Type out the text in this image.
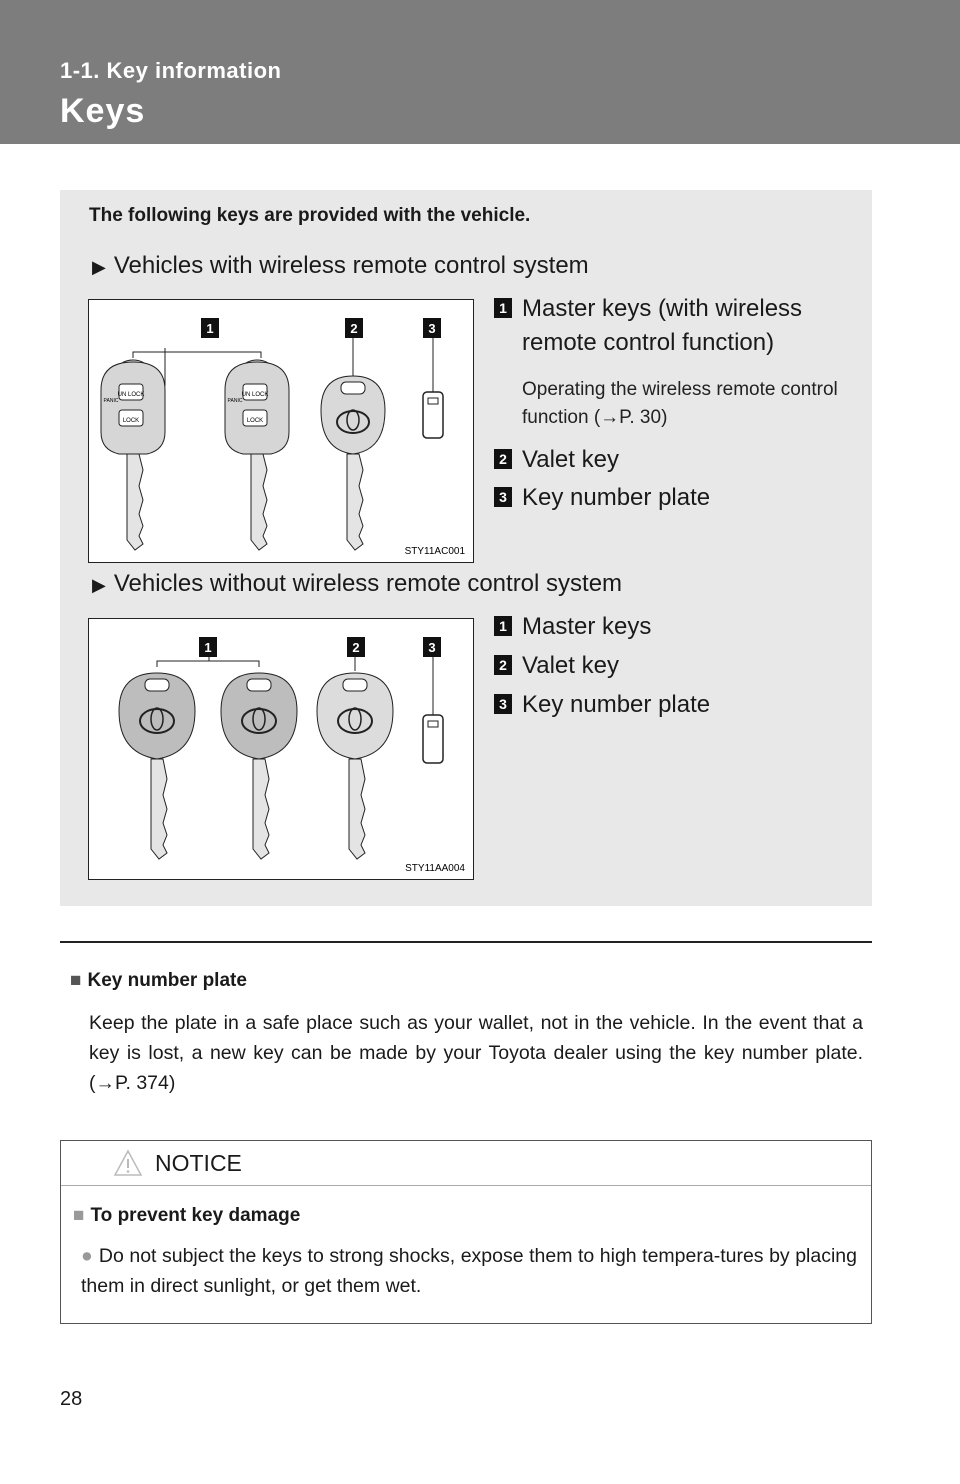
1-1. Key information
Keys
The following keys are provided with the vehicle.
▶ Vehicles with wireless remote control system
1	2	3
UN LOCK
LOCK
PANIC
UN LOCK
LOCK
PANIC
STY11AC001
1 Master keys (with wireless remote control function)
Operating the wireless remote control function (→P. 30)
2 Valet key
3 Key number plate
▶ Vehicles without wireless remote control system
1	2	3
STY11AA004
1 Master keys
2 Valet key
3 Key number plate
■ Key number plate
Keep the plate in a safe place such as your wallet, not in the vehicle. In the event that a key is lost, a new key can be made by your Toyota dealer using the key number plate. (→P. 374)
NOTICE
■ To prevent key damage
● Do not subject the keys to strong shocks, expose them to high tempera-tures by placing them in direct sunlight, or get them wet.
28
